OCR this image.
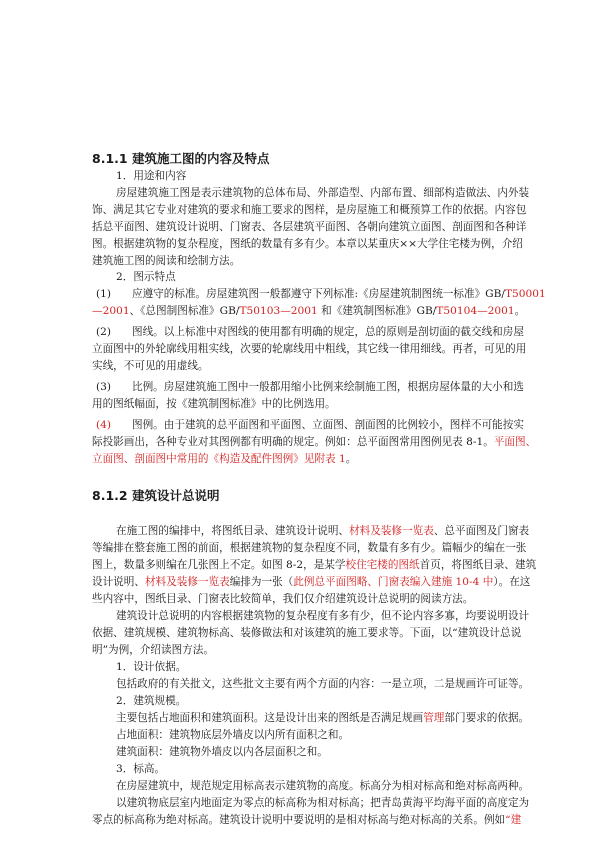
8.1.1 建筑施工图的内容及特点
1．用途和内容
房屋建筑施工图是表示建筑物的总体布局、外部造型、内部布置、细部构造做法、内外装
饰、满足其它专业对建筑的要求和施工要求的图样，是房屋施工和概预算工作的依据。内容包
括总平面图、建筑设计说明、门窗表、各层建筑平面图、各朝向建筑立面图、剖面图和各种详
图。根据建筑物的复杂程度，图纸的数量有多有少。本章以某重庆××大学住宅楼为例，介绍
建筑施工图的阅读和绘制方法。
2．图示特点
(1) 应遵守的标准。房屋建筑图一般都遵守下列标准:《房屋建筑制图统一标准》GB/T50001
—2001、《总图制图标准》GB/T50103—2001 和《建筑制图标准》GB/T50104—2001。
(2) 图线。以上标准中对图线的使用都有明确的规定，总的原则是剖切面的截交线和房屋
立面图中的外轮廓线用粗实线，次要的轮廓线用中粗线，其它线一律用细线。再者，可见的用
实线，不可见的用虚线。
(3) 比例。房屋建筑施工图中一般都用缩小比例来绘制施工图，根据房屋体量的大小和选
用的图纸幅面，按《建筑制图标准》中的比例选用。
(4) 图例。由于建筑的总平面图和平面图、立面图、剖面图的比例较小，图样不可能按实
际投影画出，各种专业对其图例都有明确的规定。例如：总平面图常用图例见表 8-1。平面图、
立面图、剖面图中常用的《构造及配件图例》见附表 1。
8.1.2 建筑设计总说明
在施工图的编排中，将图纸目录、建筑设计说明、材料及装修一览表、总平面图及门窗表
等编排在整套施工图的前面，根据建筑物的复杂程度不同，数量有多有少。篇幅少的编在一张
图上，数量多则编在几张图上不定。如图 8-2，是某学校住宅楼的图纸首页，将图纸目录、建筑
设计说明、材料及装修一览表编排为一张（此例总平面图略、门窗表编入建施 10-4 中）。在这
些内容中，图纸目录、门窗表比较简单，我们仅介绍建筑设计总说明的阅读方法。
建筑设计总说明的内容根据建筑物的复杂程度有多有少，但不论内容多寡，均要说明设计
依据、建筑规模、建筑物标高、装修做法和对该建筑的施工要求等。下面，以“建筑设计总说
明”为例，介绍读图方法。
1．设计依据。
包括政府的有关批文，这些批文主要有两个方面的内容：一是立项，二是规画许可证等。
2．建筑规模。
主要包括占地面积和建筑面积。这是设计出来的图纸是否满足规画管理部门要求的依据。
占地面积：建筑物底层外墙皮以内所有面积之和。
建筑面积：建筑物外墙皮以内各层面积之和。
3．标高。
在房屋建筑中，规范规定用标高表示建筑物的高度。标高分为相对标高和绝对标高两种。
以建筑物底层室内地面定为零点的标高称为相对标高；把青岛黄海平均海平面的高度定为
零点的标高称为绝对标高。建筑设计说明中要说明的是相对标高与绝对标高的关系。例如“建
